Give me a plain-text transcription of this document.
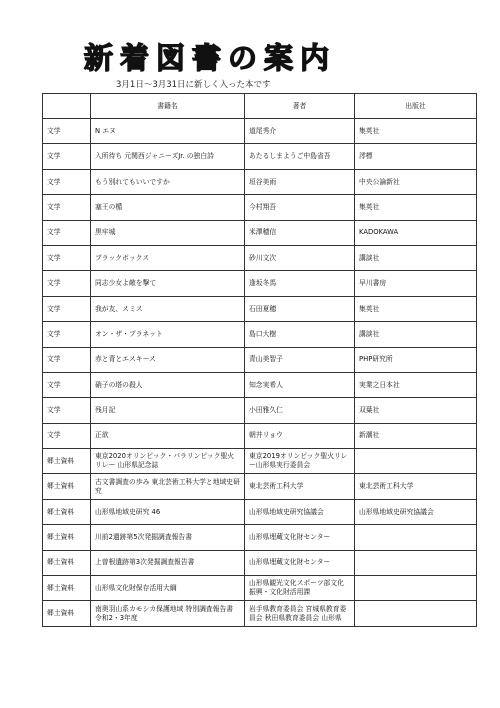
新着図書の案内
3月1日～3月31日に新しく入った本です
	書籍名	著者	出版社
文学	N エヌ	道尾秀介	集英社
文学	入所待ち 元関西ジャニーズJr. の独白詩	あたるしまようご中島省吾	澪標
文学	もう別れてもいいですか	垣谷美雨	中央公論新社
文学	塞王の楯	今村翔吾	集英社
文学	黒牢城	米澤穂信	KADOKAWA
文学	ブラックボックス	砂川文次	講談社
文学	同志少女よ敵を撃て	逢坂冬馬	早川書房
文学	我が友、スミス	石田夏穂	集英社
文学	オン・ザ・プラネット	島口大樹	講談社
文学	赤と青とエスキース	青山美智子	PHP研究所
文学	硝子の塔の殺人	知念実希人	実業之日本社
文学	残月記	小田雅久仁	双葉社
文学	正欲	朝井リョウ	新潮社
郷土資料	東京2020オリンピック・パラリンピック聖火リレー 山形県記念誌	東京2019オリンピック聖火リレー山形県実行委員会	
郷土資料	古文書調査の歩み 東北芸術工科大学と地域史研究	東北芸術工科大学	東北芸術工科大学
郷土資料	山形県地域史研究 46	山形県地域史研究協議会	山形県地域史研究協議会
郷土資料	川前2遺跡第5次発掘調査報告書	山形県埋蔵文化財センター	
郷土資料	上曽根遺跡第3次発掘調査報告書	山形県埋蔵文化財センター	
郷土資料	山形県文化財保存活用大綱	山形県観光文化スポーツ部文化振興・文化財活用課	
郷土資料	南奥羽山系カモシカ保護地域 特別調査報告書 令和2・3年度	岩手県教育委員会 宮城県教育委員会 秋田県教育委員会 山形県	
